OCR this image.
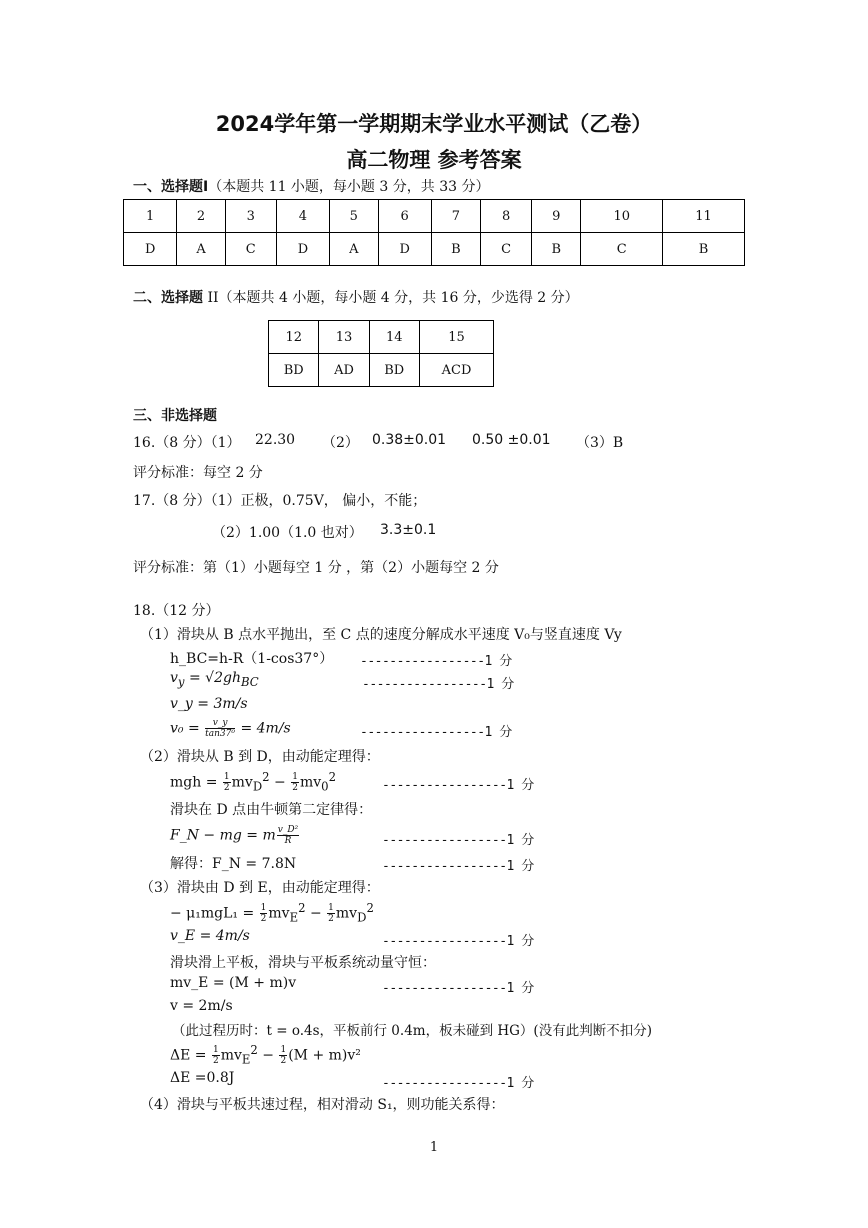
2024学年第一学期期末学业水平测试（乙卷）
高二物理 参考答案
一、选择题I（本题共 11 小题，每小题 3 分，共 33 分）
1	2	3	4	5	6	7	8	9	10	11
D	A	C	D	A	D	B	C	B	C	B
二、选择题 II（本题共 4 小题，每小题 4 分，共 16 分，少选得 2 分）
12	13	14	15
BD	AD	BD	ACD
三、非选择题
16.（8 分）（1） 22.30 （2） 0.38±0.01 0.50 ±0.01 （3）B
评分标准：每空 2 分
17.（8 分）（1）正极，0.75V， 偏小，不能；
（2）1.00（1.0 也对） 3.3±0.1
评分标准：第（1）小题每空 1 分 ，第（2）小题每空 2 分
18.（12 分）
（1）滑块从 B 点水平抛出，至 C 点的速度分解成水平速度 V₀与竖直速度 Vy
h_BC=h-R（1-cos37°） -----------------1 分
$v_y = √2gh_{BC}$	-----------------1 分
v_y = 3m/s
$v_0 = \frac{v\_y}{\text{tan37⁰}} = 4m/s$	-----------------1 分
（2）滑块从 B 到 D，由动能定理得：
mgh = $\frac{1}{2} mv_D^2 - \frac{1}{2} mv_0^2$
-----------------1 分
滑块在 D 点由牛顿第二定律得：
F_N − mg = m $\frac{\text{v\_D²}}{R}$	-----------------1 分
解得：F_N = 7.8N	-----------------1 分
（3）滑块由 D 到 E，由动能定理得：
− $\mu_1mgL_1 = \frac{1}{2} mv_E^2 - \frac{1}{2} mv_D^2$
v_E = 4m/s	-----------------1 分
滑块滑上平板，滑块与平板系统动量守恒：
mv_E = (M + m)v	-----------------1 分
v = 2m/s
（此过程历时：t = o.4s，平板前行 0.4m，板未碰到 HG）(没有此判断不扣分)
$\Delta E = \frac{1}{2} mv_E^2 - \frac{1}{2} (M + m)v^2$
ΔE =0.8J	-----------------1 分
（4）滑块与平板共速过程，相对滑动 S₁，则功能关系得：
1
